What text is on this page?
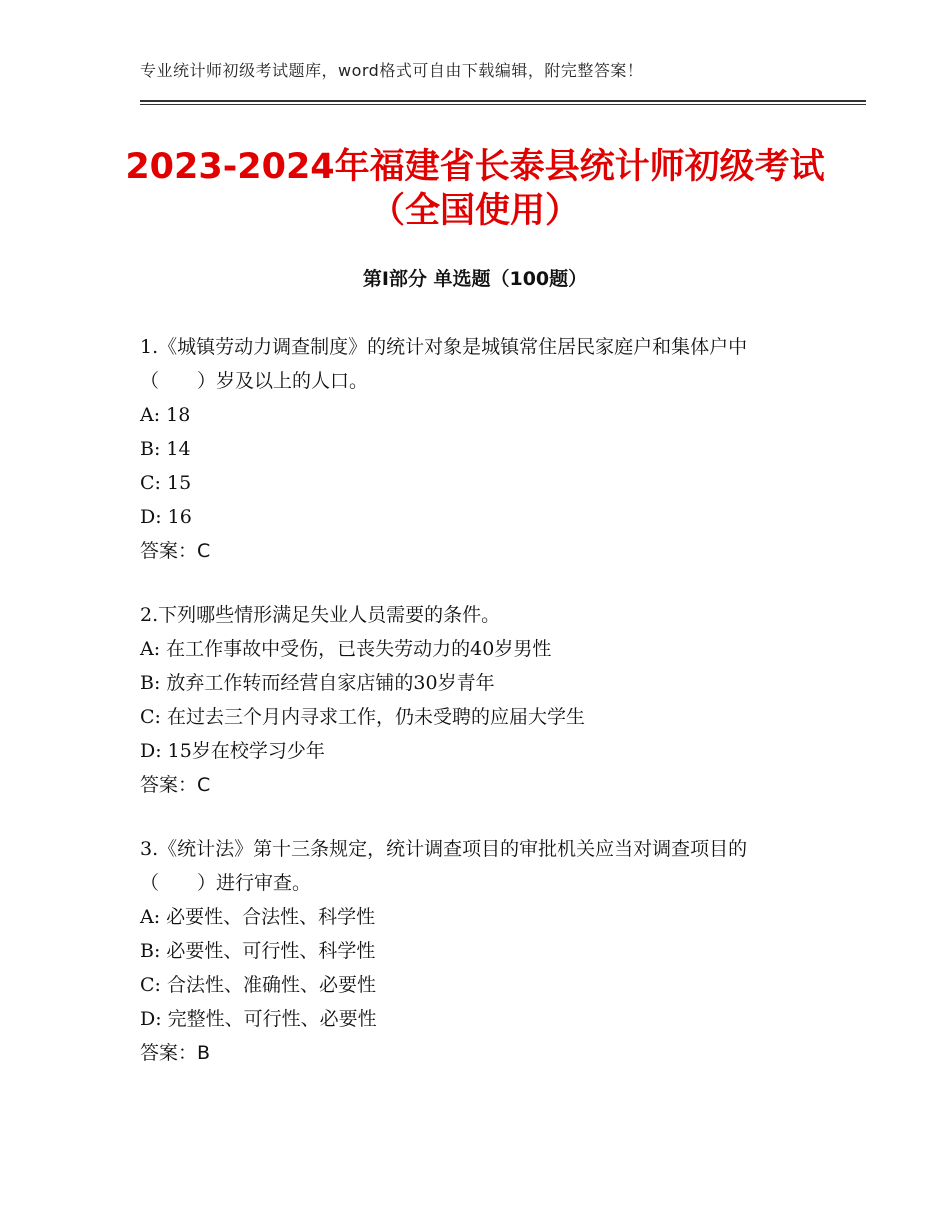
专业统计师初级考试题库，word格式可自由下载编辑，附完整答案！
2023-2024年福建省长泰县统计师初级考试
（全国使用）
第Ⅰ部分 单选题（100题）
1.《城镇劳动力调查制度》的统计对象是城镇常住居民家庭户和集体户中（　　）岁及以上的人口。
A: 18
B: 14
C: 15
D: 16
答案：C
2.下列哪些情形满足失业人员需要的条件。
A: 在工作事故中受伤，已丧失劳动力的40岁男性
B: 放弃工作转而经营自家店铺的30岁青年
C: 在过去三个月内寻求工作，仍未受聘的应届大学生
D: 15岁在校学习少年
答案：C
3.《统计法》第十三条规定，统计调查项目的审批机关应当对调查项目的（　　）进行审查。
A: 必要性、合法性、科学性
B: 必要性、可行性、科学性
C: 合法性、准确性、必要性
D: 完整性、可行性、必要性
答案：B
